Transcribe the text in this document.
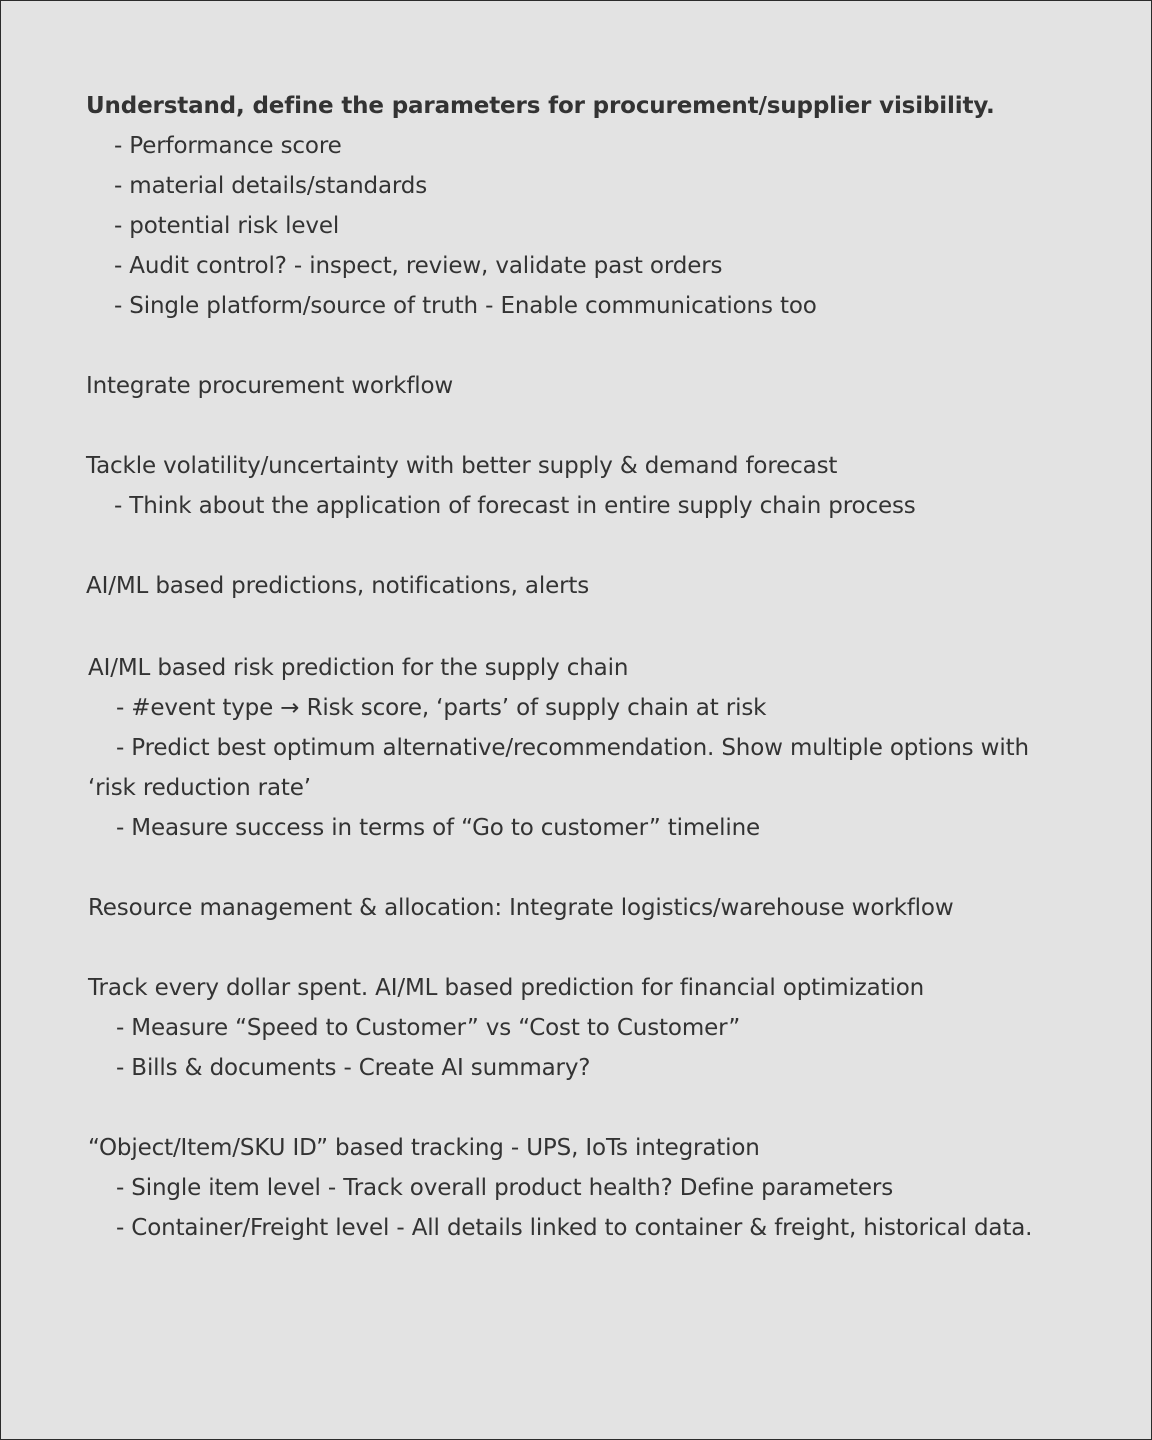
Understand, define the parameters for procurement/supplier visibility.

- Performance score

- material details/standards

- potential risk level

- Audit control? - inspect, review, validate past orders

- Single platform/source of truth - Enable communications too

Integrate procurement workflow

Tackle volatility/uncertainty with better supply & demand forecast

- Think about the application of forecast in entire supply chain process

AI/ML based predictions, notifications, alerts

AI/ML based risk prediction for the supply chain

- #event type → Risk score, ‘parts’ of supply chain at risk

- Predict best optimum alternative/recommendation. Show multiple options with

‘risk reduction rate’

- Measure success in terms of “Go to customer” timeline

Resource management & allocation: Integrate logistics/warehouse workflow

Track every dollar spent. AI/ML based prediction for financial optimization

- Measure “Speed to Customer” vs “Cost to Customer”

- Bills & documents - Create AI summary?

“Object/Item/SKU ID” based tracking - UPS, IoTs integration

- Single item level - Track overall product health? Define parameters

- Container/Freight level - All details linked to container & freight, historical data.
